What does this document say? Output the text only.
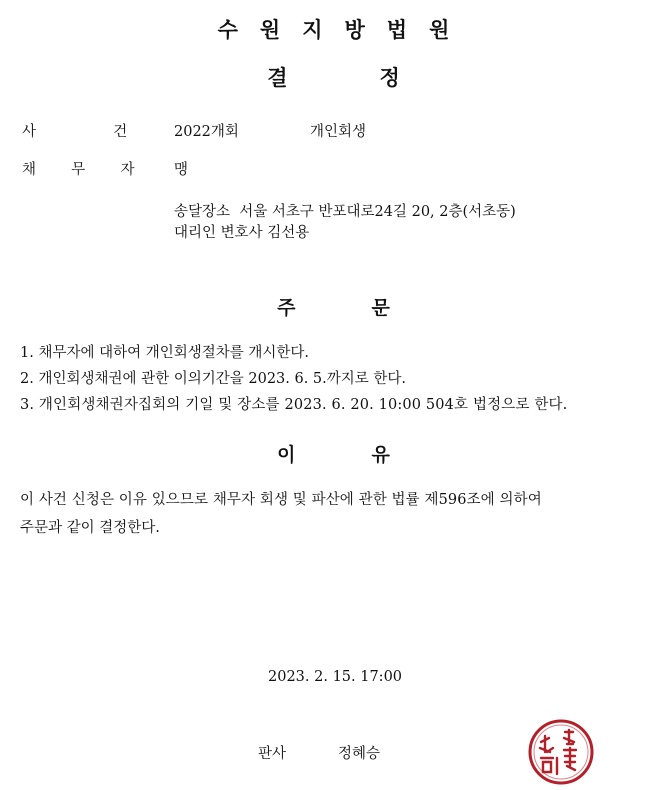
수원지방법원
결	정
사	건	2022개회	개인회생
채 무 자	맹
송달장소 서울 서초구 반포대로24길 20, 2층(서초동)
대리인 변호사 김선용
주	문
1. 채무자에 대하여 개인회생절차를 개시한다.
2. 개인회생채권에 관한 이의기간을 2023. 6. 5.까지로 한다.
3. 개인회생채권자집회의 기일 및 장소를 2023. 6. 20. 10:00 504호 법정으로 한다.
이	유
이 사건 신청은 이유 있으므로 채무자 회생 및 파산에 관한 법률 제596조에 의하여
주문과 같이 결정한다.
2023. 2. 15. 17:00
판사	정혜승
